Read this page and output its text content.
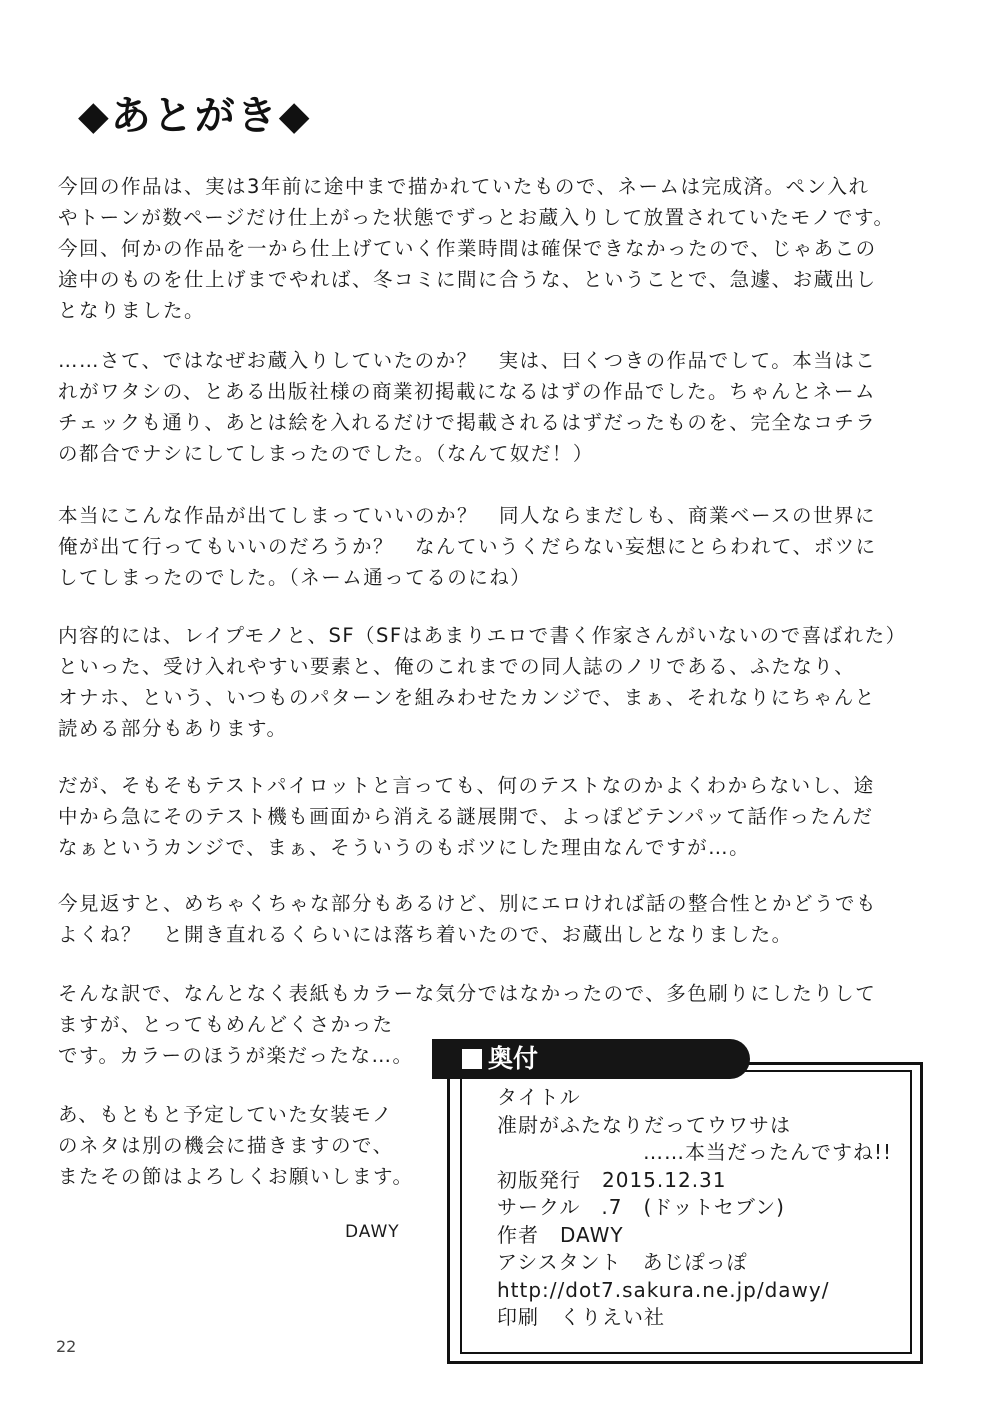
◆あとがき◆
今回の作品は、実は3年前に途中まで描かれていたもので、ネームは完成済。ペン入れ
やトーンが数ページだけ仕上がった状態でずっとお蔵入りして放置されていたモノです。
今回、何かの作品を一から仕上げていく作業時間は確保できなかったので、じゃあこの
途中のものを仕上げまでやれば、冬コミに間に合うな、ということで、急遽、お蔵出し
となりました。
……さて、ではなぜお蔵入りしていたのか？　実は、曰くつきの作品でして。本当はこ
れがワタシの、とある出版社様の商業初掲載になるはずの作品でした。ちゃんとネーム
チェックも通り、あとは絵を入れるだけで掲載されるはずだったものを、完全なコチラ
の都合でナシにしてしまったのでした。（なんて奴だ！）
本当にこんな作品が出てしまっていいのか？　同人ならまだしも、商業ベースの世界に
俺が出て行ってもいいのだろうか？　なんていうくだらない妄想にとらわれて、ボツに
してしまったのでした。（ネーム通ってるのにね）
内容的には、レイプモノと、SF（SFはあまりエロで書く作家さんがいないので喜ばれた）
といった、受け入れやすい要素と、俺のこれまでの同人誌のノリである、ふたなり、
オナホ、という、いつものパターンを組みわせたカンジで、まぁ、それなりにちゃんと
読める部分もあります。
だが、そもそもテストパイロットと言っても、何のテストなのかよくわからないし、途
中から急にそのテスト機も画面から消える謎展開で、よっぽどテンパッて話作ったんだ
なぁというカンジで、まぁ、そういうのもボツにした理由なんですが…。
今見返すと、めちゃくちゃな部分もあるけど、別にエロければ話の整合性とかどうでも
よくね？　と開き直れるくらいには落ち着いたので、お蔵出しとなりました。
そんな訳で、なんとなく表紙もカラーな気分ではなかったので、多色刷りにしたりして
ますが、とってもめんどくさかった
です。カラーのほうが楽だったな…。
あ、もともと予定していた女装モノ
のネタは別の機会に描きますので、
またその節はよろしくお願いします。
DAWY
奥付
タイトル
准尉がふたなりだってウワサは
……本当だったんですね!!
初版発行　2015.12.31
サークル　.7　(ドットセブン)
作者　DAWY
アシスタント　あじぽっぽ
http://dot7.sakura.ne.jp/dawy/
印刷　くりえい社
22
